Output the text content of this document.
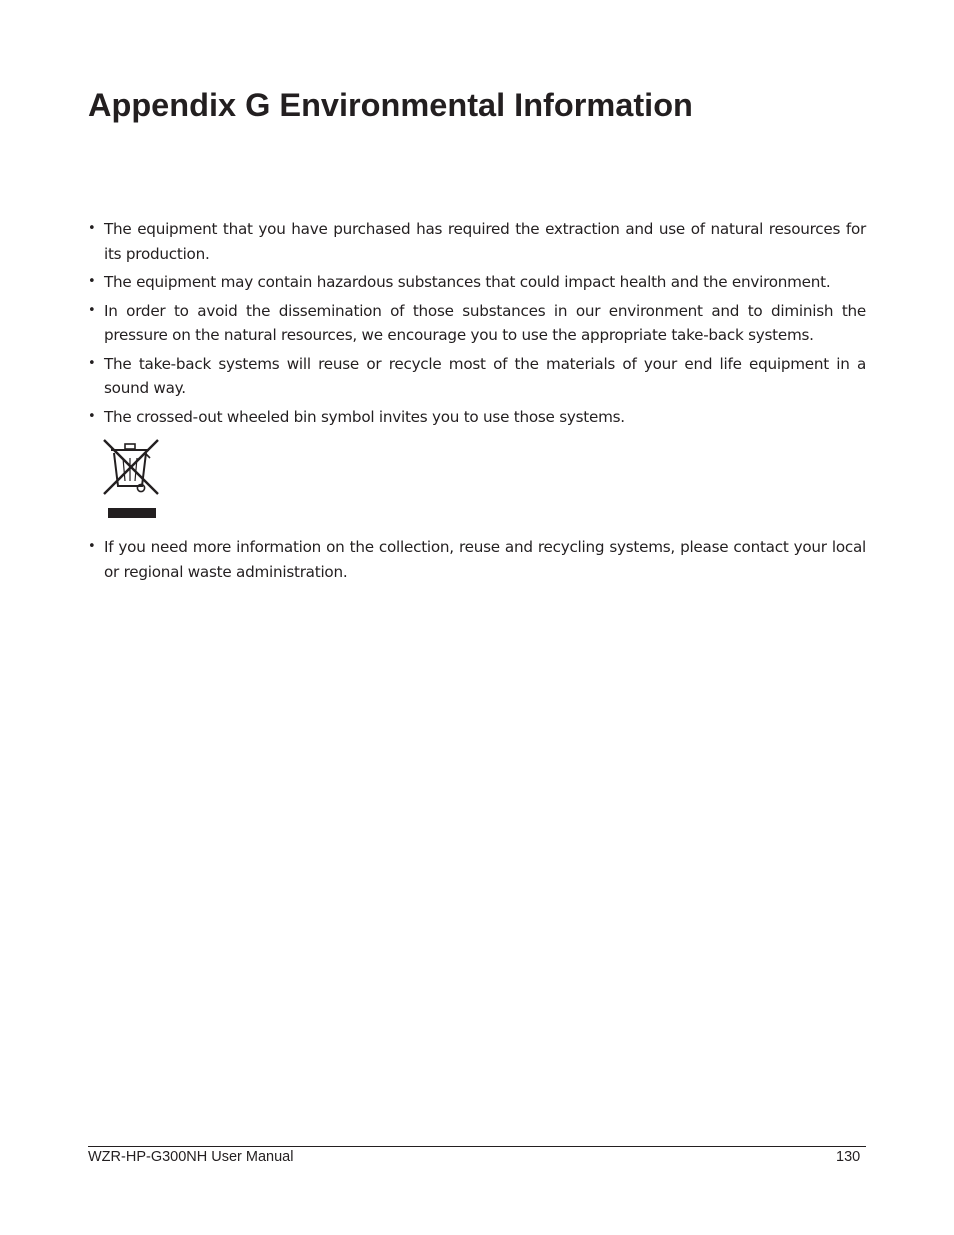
Appendix G Environmental Information
• The equipment that you have purchased has required the extraction and use of natural resources for its production.
• The equipment may contain hazardous substances that could impact health and the environment.
• In order to avoid the dissemination of those substances in our environment and to diminish the pressure on the natural resources, we encourage you to use the appropriate take-back systems.
• The take-back systems will reuse or recycle most of the materials of your end life equipment in a sound way.
• The crossed-out wheeled bin symbol invites you to use those systems.
• If you need more information on the collection, reuse and recycling systems, please contact your local or regional waste administration.
WZR-HP-G300NH User Manual	130
